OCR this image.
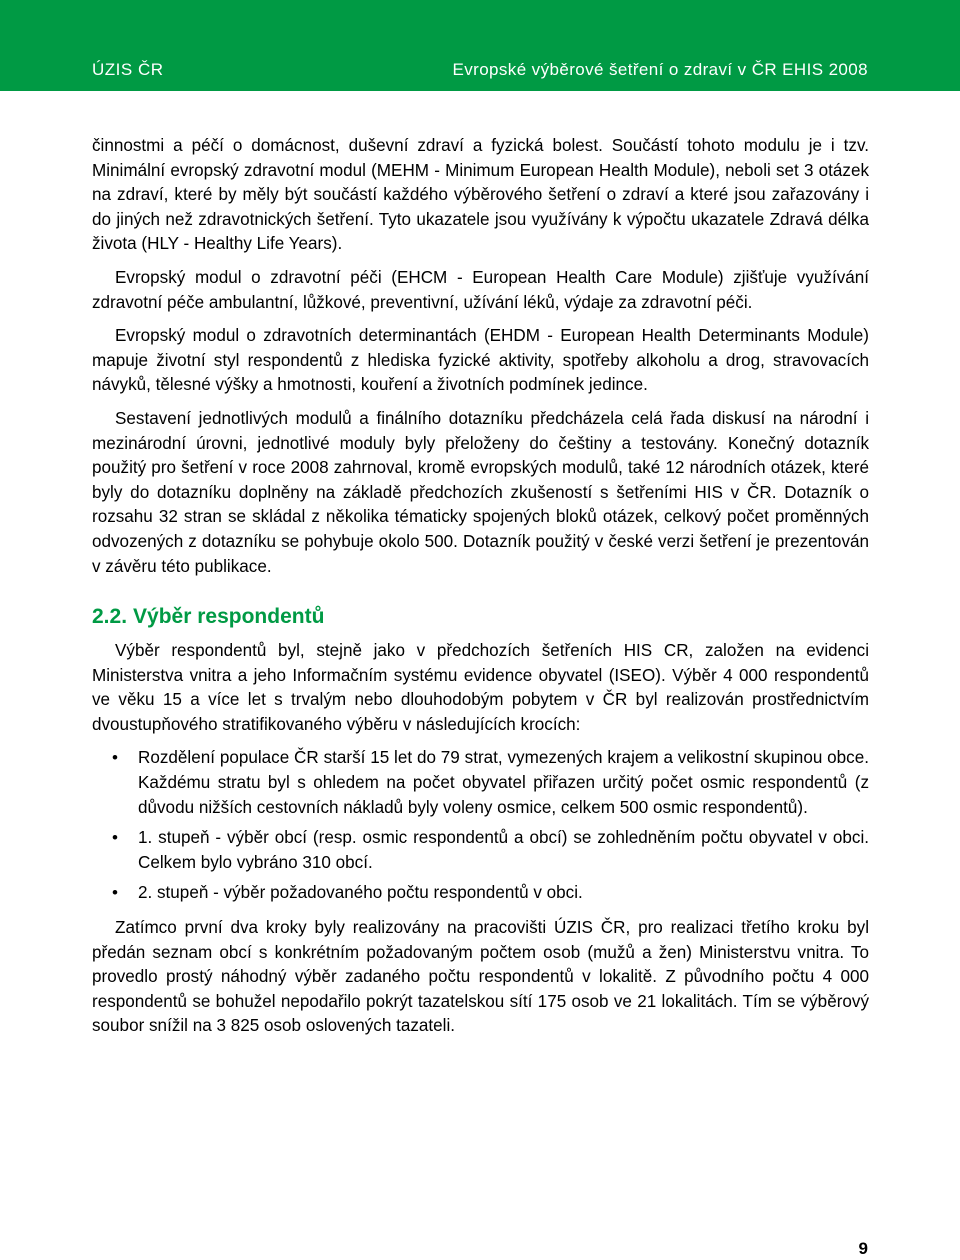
ÚZIS ČR	Evropské výběrové šetření o zdraví v ČR EHIS 2008

činnostmi a péčí o domácnost, duševní zdraví a fyzická bolest. Součástí tohoto modulu je i tzv. Minimální evropský zdravotní modul (MEHM - Minimum European Health Module), neboli set 3 otázek na zdraví, které by měly být součástí každého výběrového šetření o zdraví a které jsou zařazovány i do jiných než zdravotnických šetření. Tyto ukazatele jsou využívány k výpočtu ukazatele Zdravá délka života (HLY - Healthy Life Years).

Evropský modul o zdravotní péči (EHCM - European Health Care Module) zjišťuje využívání zdravotní péče ambulantní, lůžkové, preventivní, užívání léků, výdaje za zdravotní péči.

Evropský modul o zdravotních determinantách (EHDM - European Health Determinants Module) mapuje životní styl respondentů z hlediska fyzické aktivity, spotřeby alkoholu a drog, stravovacích návyků, tělesné výšky a hmotnosti, kouření a životních podmínek jedince.

Sestavení jednotlivých modulů a finálního dotazníku předcházela celá řada diskusí na národní i mezinárodní úrovni, jednotlivé moduly byly přeloženy do češtiny a testovány. Konečný dotazník použitý pro šetření v roce 2008 zahrnoval, kromě evropských modulů, také 12 národních otázek, které byly do dotazníku doplněny na základě předchozích zkušeností s šetřeními HIS v ČR. Dotazník o rozsahu 32 stran se skládal z několika tématicky spojených bloků otázek, celkový počet proměnných odvozených z dotazníku se pohybuje okolo 500. Dotazník použitý v české verzi šetření je prezentován v závěru této publikace.

2.2. Výběr respondentů

Výběr respondentů byl, stejně jako v předchozích šetřeních HIS CR, založen na evidenci Ministerstva vnitra a jeho Informačním systému evidence obyvatel (ISEO). Výběr 4 000 respondentů ve věku 15 a více let s trvalým nebo dlouhodobým pobytem v ČR byl realizován prostřednictvím dvoustupňového stratifikovaného výběru v následujících krocích:

• Rozdělení populace ČR starší 15 let do 79 strat, vymezených krajem a velikostní skupinou obce. Každému stratu byl s ohledem na počet obyvatel přiřazen určitý počet osmic respondentů (z důvodu nižších cestovních nákladů byly voleny osmice, celkem 500 osmic respondentů).
• 1. stupeň - výběr obcí (resp. osmic respondentů a obcí) se zohledněním počtu obyvatel v obci. Celkem bylo vybráno 310 obcí.
• 2. stupeň - výběr požadovaného počtu respondentů v obci.

Zatímco první dva kroky byly realizovány na pracovišti ÚZIS ČR, pro realizaci třetího kroku byl předán seznam obcí s konkrétním požadovaným počtem osob (mužů a žen) Ministerstvu vnitra. To provedlo prostý náhodný výběr zadaného počtu respondentů v lokalitě. Z původního počtu 4 000 respondentů se bohužel nepodařilo pokrýt tazatelskou sítí 175 osob ve 21 lokalitách. Tím se výběrový soubor snížil na 3 825 osob oslovených tazateli.

9
